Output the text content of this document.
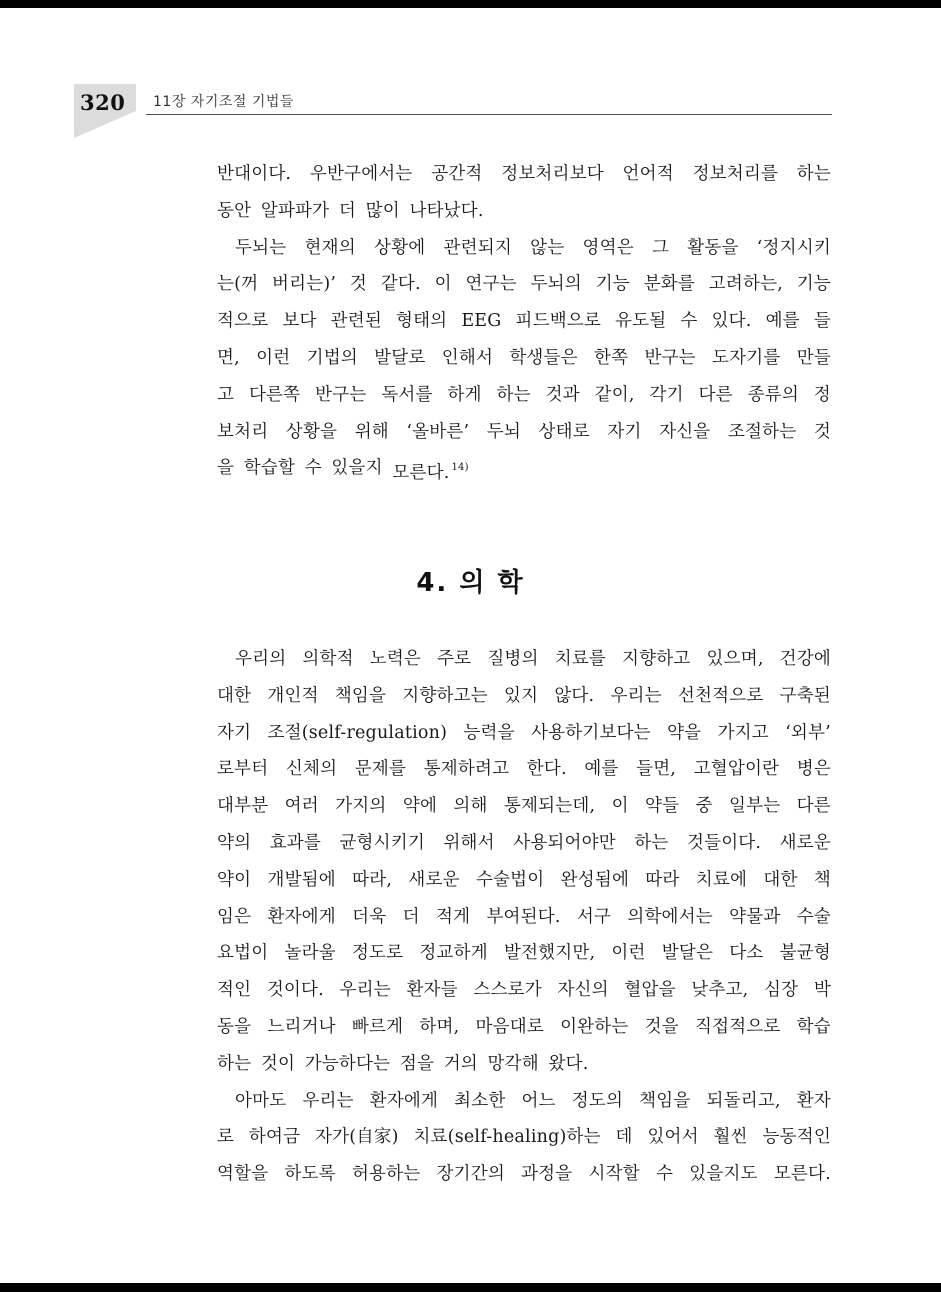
320 11장 자기조절 기법들
반대이다. 우반구에서는 공간적 정보처리보다 언어적 정보처리를 하는
동안 알파파가 더 많이 나타났다.
두뇌는 현재의 상황에 관련되지 않는 영역은 그 활동을 ‘정지시키
는(꺼 버리는)’ 것 같다. 이 연구는 두뇌의 기능 분화를 고려하는, 기능
적으로 보다 관련된 형태의 EEG 피드백으로 유도될 수 있다. 예를 들
면, 이런 기법의 발달로 인해서 학생들은 한쪽 반구는 도자기를 만들
고 다른쪽 반구는 독서를 하게 하는 것과 같이, 각기 다른 종류의 정
보처리 상황을 위해 ‘올바른’ 두뇌 상태로 자기 자신을 조절하는 것
을 학습할 수 있을지 모른다. $^{14)}$
4. 의 학
우리의 의학적 노력은 주로 질병의 치료를 지향하고 있으며, 건강에
대한 개인적 책임을 지향하고는 있지 않다. 우리는 선천적으로 구축된
자기 조절(self-regulation) 능력을 사용하기보다는 약을 가지고 ‘외부’
로부터 신체의 문제를 통제하려고 한다. 예를 들면, 고혈압이란 병은
대부분 여러 가지의 약에 의해 통제되는데, 이 약들 중 일부는 다른
약의 효과를 균형시키기 위해서 사용되어야만 하는 것들이다. 새로운
약이 개발됨에 따라, 새로운 수술법이 완성됨에 따라 치료에 대한 책
임은 환자에게 더욱 더 적게 부여된다. 서구 의학에서는 약물과 수술
요법이 놀라울 정도로 정교하게 발전했지만, 이런 발달은 다소 불균형
적인 것이다. 우리는 환자들 스스로가 자신의 혈압을 낮추고, 심장 박
동을 느리거나 빠르게 하며, 마음대로 이완하는 것을 직접적으로 학습
하는 것이 가능하다는 점을 거의 망각해 왔다.
아마도 우리는 환자에게 최소한 어느 정도의 책임을 되돌리고, 환자
로 하여금 자가(自家) 치료(self-healing)하는 데 있어서 훨씬 능동적인
역할을 하도록 허용하는 장기간의 과정을 시작할 수 있을지도 모른다.
